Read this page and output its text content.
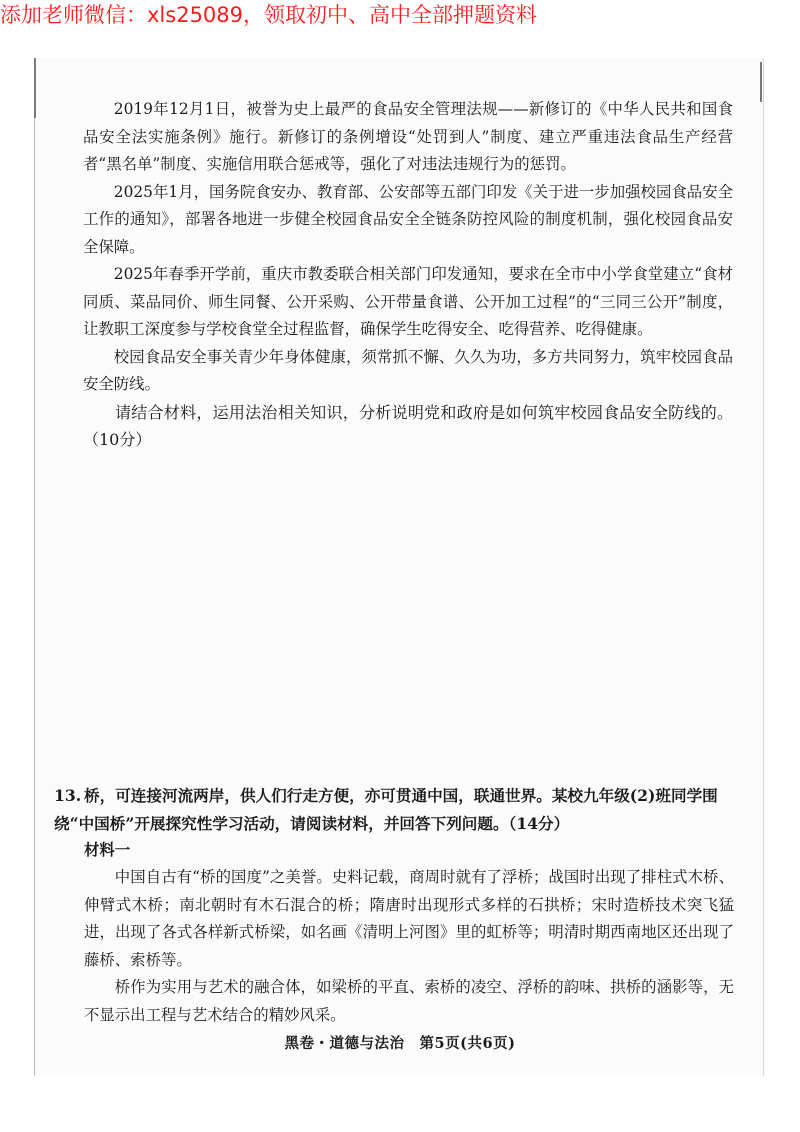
添加老师微信：xls25089，领取初中、高中全部押题资料

2019年12月1日，被誉为史上最严的食品安全管理法规——新修订的《中华人民共和国食品安全法实施条例》施行。新修订的条例增设“处罚到人”制度、建立严重违法食品生产经营者“黑名单”制度、实施信用联合惩戒等，强化了对违法违规行为的惩罚。

2025年1月，国务院食安办、教育部、公安部等五部门印发《关于进一步加强校园食品安全工作的通知》，部署各地进一步健全校园食品安全全链条防控风险的制度机制，强化校园食品安全保障。

2025年春季开学前，重庆市教委联合相关部门印发通知，要求在全市中小学食堂建立“食材同质、菜品同价、师生同餐、公开采购、公开带量食谱、公开加工过程”的“三同三公开”制度，让教职工深度参与学校食堂全过程监督，确保学生吃得安全、吃得营养、吃得健康。

校园食品安全事关青少年身体健康，须常抓不懈、久久为功，多方共同努力，筑牢校园食品安全防线。

请结合材料，运用法治相关知识，分析说明党和政府是如何筑牢校园食品安全防线的。（10分）

13. 桥，可连接河流两岸，供人们行走方便，亦可贯通中国，联通世界。某校九年级(2)班同学围绕“中国桥”开展探究性学习活动，请阅读材料，并回答下列问题。（14分）

材料一

中国自古有“桥的国度”之美誉。史料记载，商周时就有了浮桥；战国时出现了排柱式木桥、伸臂式木桥；南北朝时有木石混合的桥；隋唐时出现形式多样的石拱桥；宋时造桥技术突飞猛进，出现了各式各样新式桥梁，如名画《清明上河图》里的虹桥等；明清时期西南地区还出现了藤桥、索桥等。

桥作为实用与艺术的融合体，如梁桥的平直、索桥的凌空、浮桥的韵味、拱桥的涵影等，无不显示出工程与艺术结合的精妙风采。

黑卷・道德与法治　第5页(共6页)
